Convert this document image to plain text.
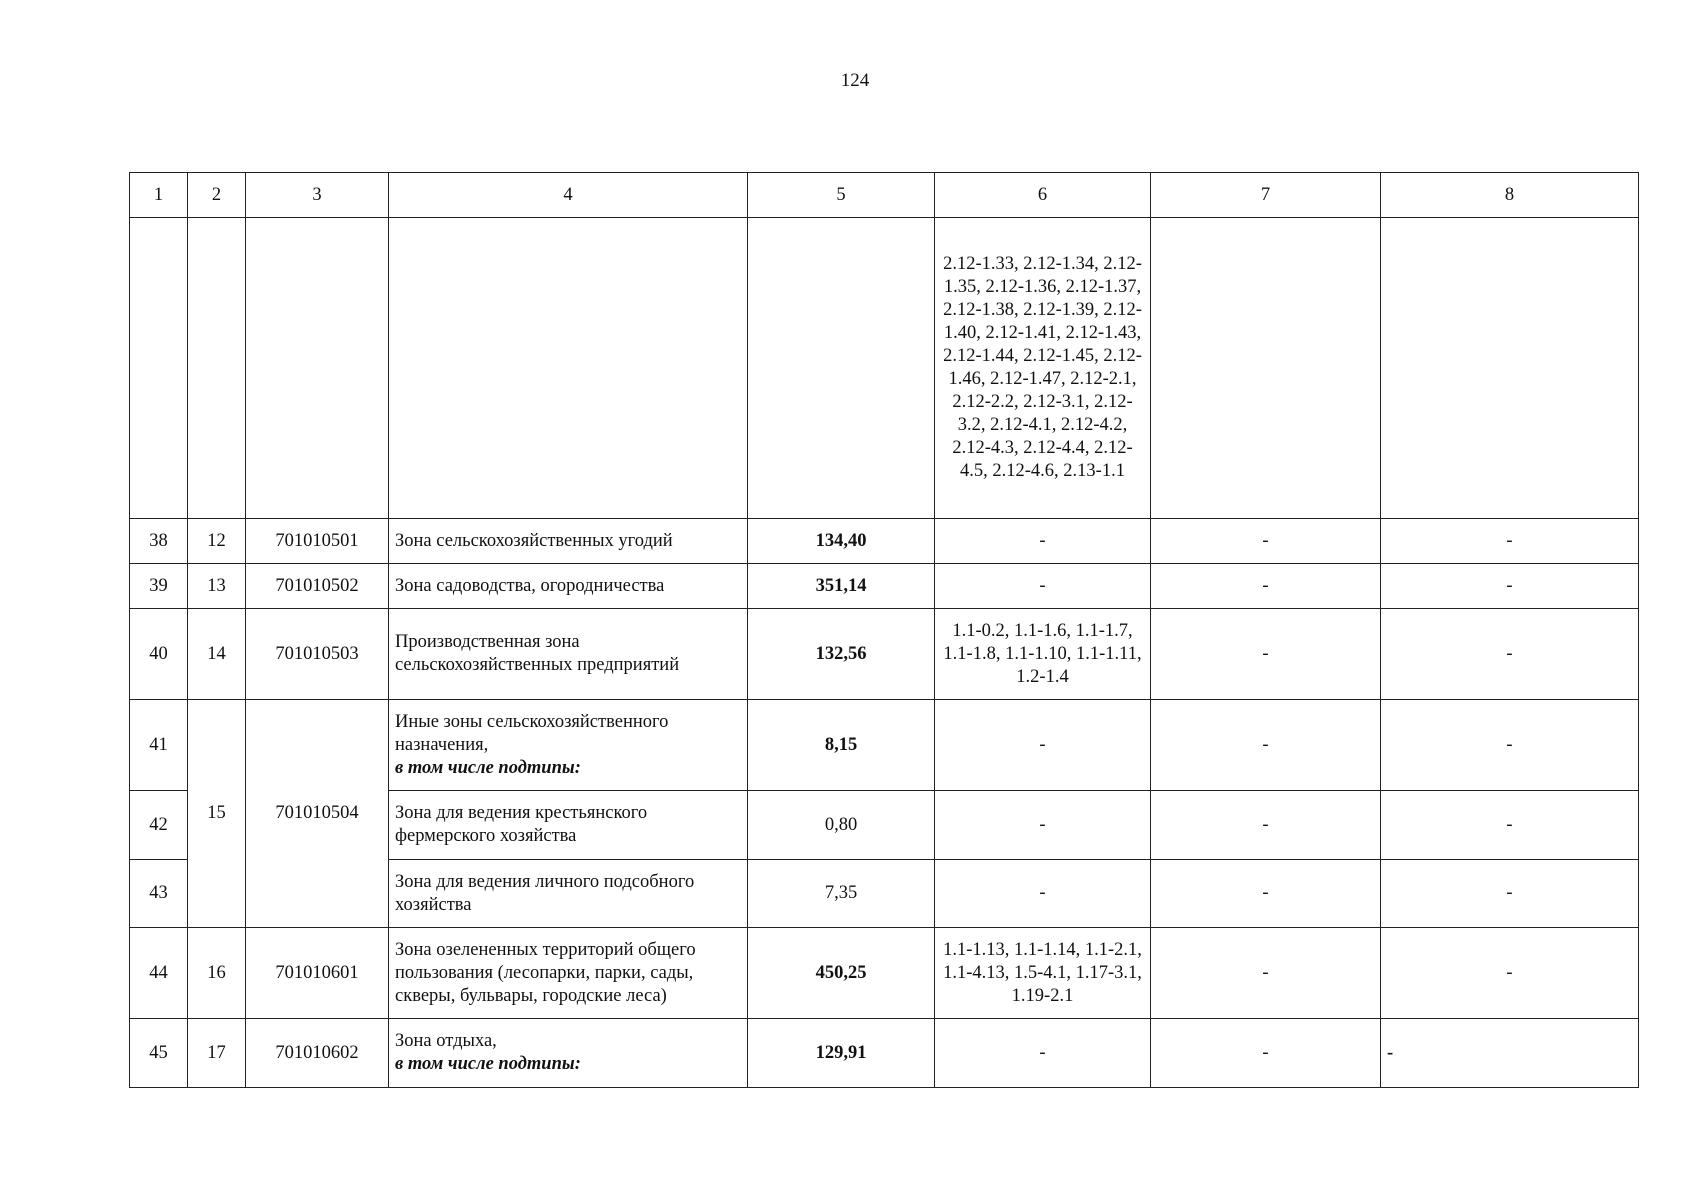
124
1	2	3	4	5	6	7	8
					2.12-1.33, 2.12-1.34, 2.12-1.35, 2.12-1.36, 2.12-1.37, 2.12-1.38, 2.12-1.39, 2.12-1.40, 2.12-1.41, 2.12-1.43, 2.12-1.44, 2.12-1.45, 2.12-1.46, 2.12-1.47, 2.12-2.1, 2.12-2.2, 2.12-3.1, 2.12-3.2, 2.12-4.1, 2.12-4.2, 2.12-4.3, 2.12-4.4, 2.12-4.5, 2.12-4.6, 2.13-1.1		
38	12	701010501	Зона сельскохозяйственных угодий	134,40	-	-	-
39	13	701010502	Зона садоводства, огородничества	351,14	-	-	-
40	14	701010503	Производственная зона сельскохозяйственных предприятий	132,56	1.1-0.2, 1.1-1.6, 1.1-1.7, 1.1-1.8, 1.1-1.10, 1.1-1.11, 1.2-1.4	-	-
41	15	701010504	Иные зоны сельскохозяйственного назначения,
в том числе подтипы:	8,15	-	-	-
42			Зона для ведения крестьянского фермерского хозяйства	0,80	-	-	-
43			Зона для ведения личного подсобного хозяйства	7,35	-	-	-
44	16	701010601	Зона озелененных территорий общего пользования (лесопарки, парки, сады, скверы, бульвары, городские леса)	450,25	1.1-1.13, 1.1-1.14, 1.1-2.1, 1.1-4.13, 1.5-4.1, 1.17-3.1, 1.19-2.1	-	-
45	17	701010602	Зона отдыха,
в том числе подтипы:	129,91	-	-	-
